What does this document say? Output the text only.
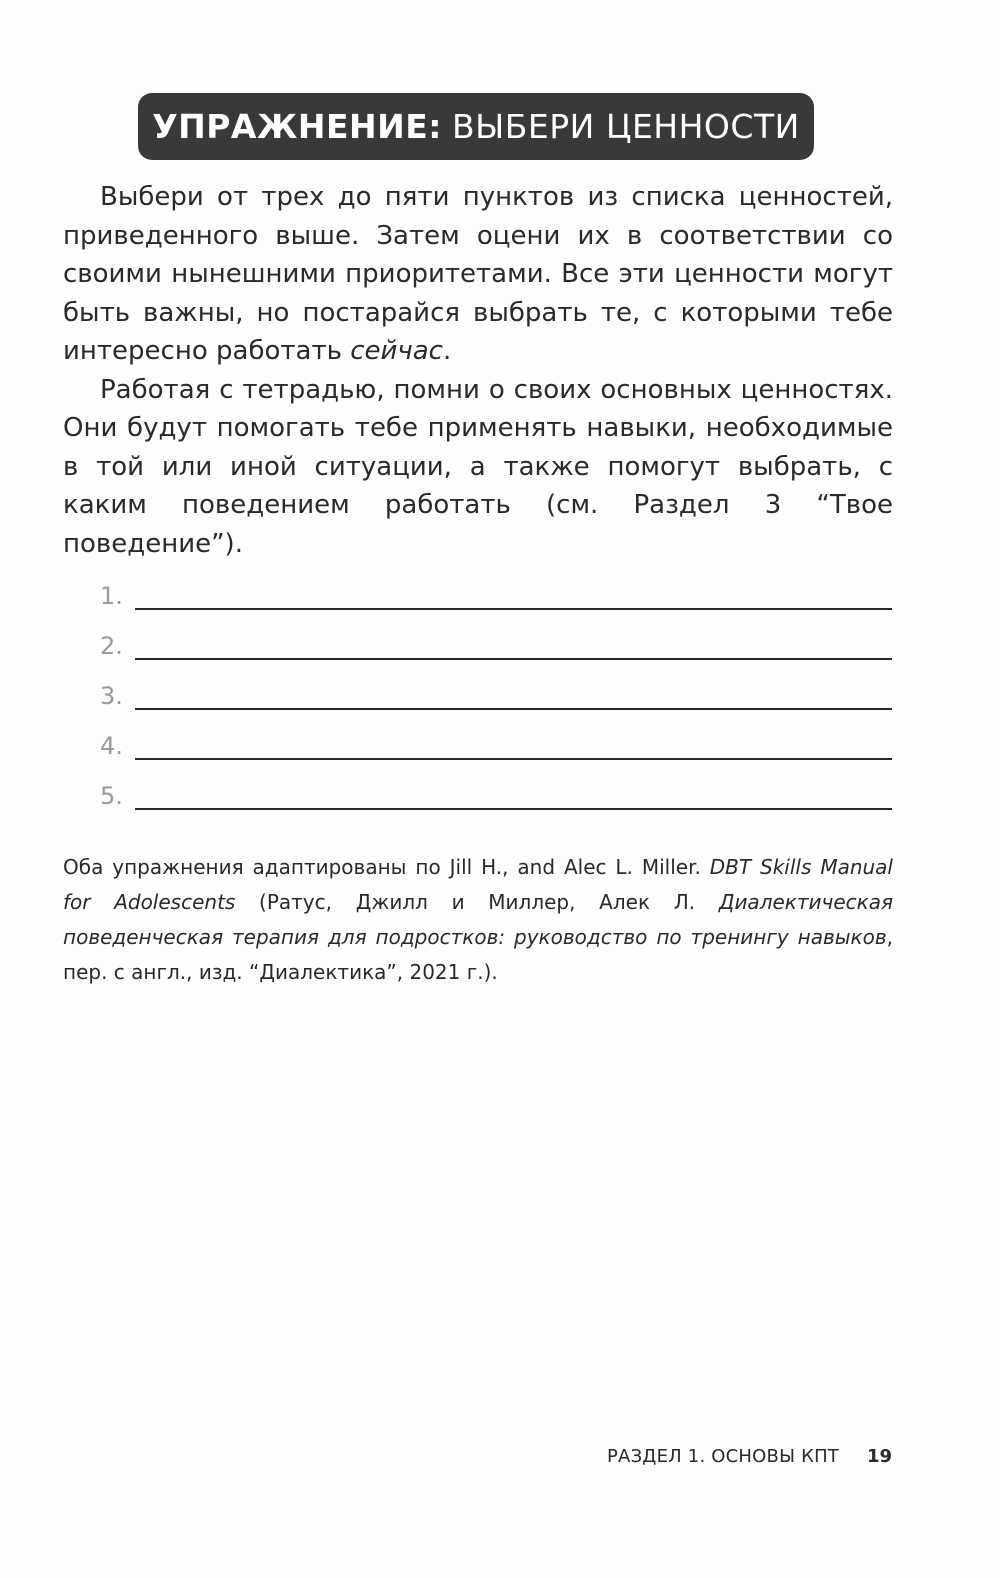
УПРАЖНЕНИЕ: ВЫБЕРИ ЦЕННОСТИ

Выбери от трех до пяти пунктов из списка ценностей, приведенного выше. Затем оцени их в соответствии со своими нынешними приоритетами. Все эти ценности могут быть важны, но постарайся выбрать те, с которыми тебе интересно работать сейчас.

Работая с тетрадью, помни о своих основных ценностях. Они будут помогать тебе применять навыки, необходимые в той или иной ситуации, а также помогут выбрать, с каким поведением работать (см. Раздел 3 “Твое поведение”).

1.
2.
3.
4.
5.
Оба упражнения адаптированы по Jill H., and Alec L. Miller. DBT Skills Manual for Adolescents (Ратус, Джилл и Миллер, Алек Л. Диалектическая поведенческая терапия для подростков: руководство по тренингу навыков, пер. с англ., изд. “Диалектика”, 2021 г.).
РАЗДЕЛ 1. ОСНОВЫ КПТ 19
